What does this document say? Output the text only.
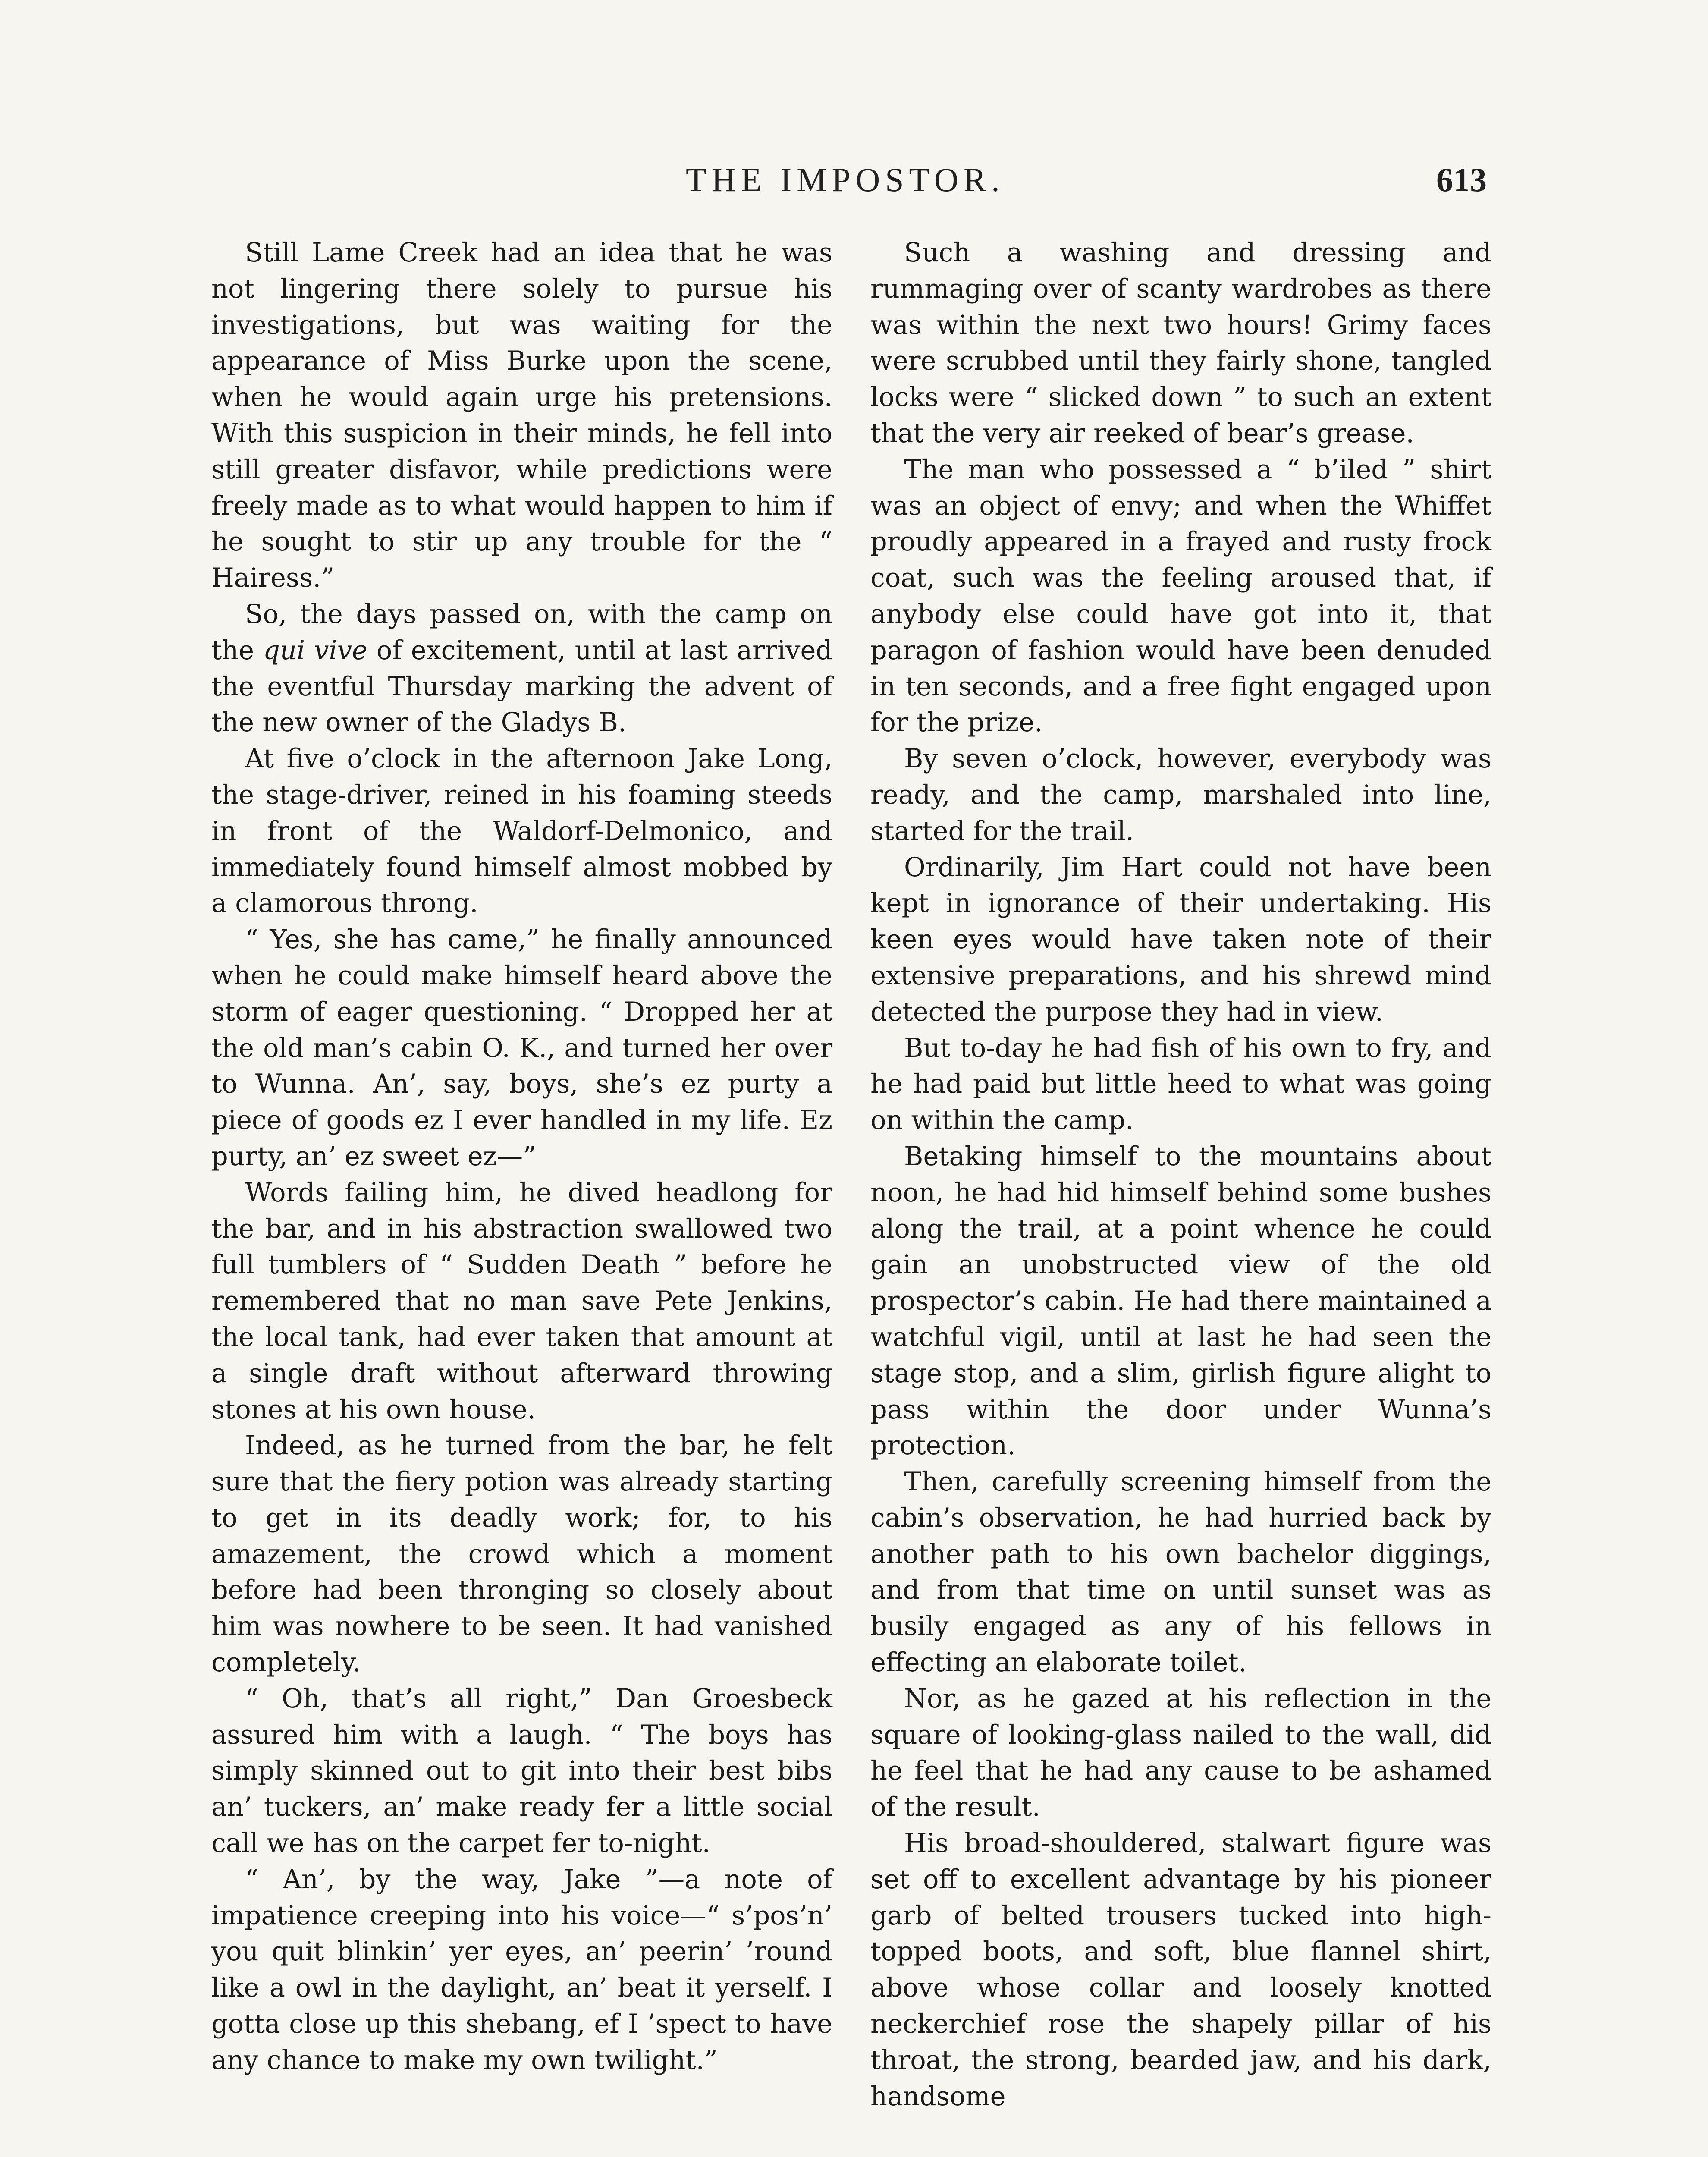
THE IMPOSTOR.	613

Still Lame Creek had an idea that he was not lingering there solely to pursue his investigations, but was waiting for the appearance of Miss Burke upon the scene, when he would again urge his pretensions. With this suspicion in their minds, he fell into still greater disfavor, while predictions were freely made as to what would happen to him if he sought to stir up any trouble for the “ Hairess.”

So, the days passed on, with the camp on the qui vive of excitement, until at last arrived the eventful Thursday marking the advent of the new owner of the Gladys B.

At five o’clock in the afternoon Jake Long, the stage-driver, reined in his foaming steeds in front of the Waldorf-Delmonico, and immediately found himself almost mobbed by a clamorous throng.

“ Yes, she has came,” he finally announced when he could make himself heard above the storm of eager questioning. “ Dropped her at the old man’s cabin O. K., and turned her over to Wunna. An’, say, boys, she’s ez purty a piece of goods ez I ever handled in my life. Ez purty, an’ ez sweet ez—”

Words failing him, he dived headlong for the bar, and in his abstraction swallowed two full tumblers of “ Sudden Death ” before he remembered that no man save Pete Jenkins, the local tank, had ever taken that amount at a single draft without afterward throwing stones at his own house.

Indeed, as he turned from the bar, he felt sure that the fiery potion was already starting to get in its deadly work; for, to his amazement, the crowd which a moment before had been thronging so closely about him was nowhere to be seen. It had vanished completely.

“ Oh, that’s all right,” Dan Groesbeck assured him with a laugh. “ The boys has simply skinned out to git into their best bibs an’ tuckers, an’ make ready fer a little social call we has on the carpet fer to-night.

“ An’, by the way, Jake ”—a note of impatience creeping into his voice—“ s’pos’n’ you quit blinkin’ yer eyes, an’ peerin’ ’round like a owl in the daylight, an’ beat it yerself. I gotta close up this shebang, ef I ’spect to have any chance to make my own twilight.”

Such a washing and dressing and rummaging over of scanty wardrobes as there was within the next two hours! Grimy faces were scrubbed until they fairly shone, tangled locks were “ slicked down ” to such an extent that the very air reeked of bear’s grease.

The man who possessed a “ b’iled ” shirt was an object of envy; and when the Whiffet proudly appeared in a frayed and rusty frock coat, such was the feeling aroused that, if anybody else could have got into it, that paragon of fashion would have been denuded in ten seconds, and a free fight engaged upon for the prize.

By seven o’clock, however, everybody was ready, and the camp, marshaled into line, started for the trail.

Ordinarily, Jim Hart could not have been kept in ignorance of their undertaking. His keen eyes would have taken note of their extensive preparations, and his shrewd mind detected the purpose they had in view.

But to-day he had fish of his own to fry, and he had paid but little heed to what was going on within the camp.

Betaking himself to the mountains about noon, he had hid himself behind some bushes along the trail, at a point whence he could gain an unobstructed view of the old prospector’s cabin. He had there maintained a watchful vigil, until at last he had seen the stage stop, and a slim, girlish figure alight to pass within the door under Wunna’s protection.

Then, carefully screening himself from the cabin’s observation, he had hurried back by another path to his own bachelor diggings, and from that time on until sunset was as busily engaged as any of his fellows in effecting an elaborate toilet.

Nor, as he gazed at his reflection in the square of looking-glass nailed to the wall, did he feel that he had any cause to be ashamed of the result.

His broad-shouldered, stalwart figure was set off to excellent advantage by his pioneer garb of belted trousers tucked into high-topped boots, and soft, blue flannel shirt, above whose collar and loosely knotted neckerchief rose the shapely pillar of his throat, the strong, bearded jaw, and his dark, handsome
